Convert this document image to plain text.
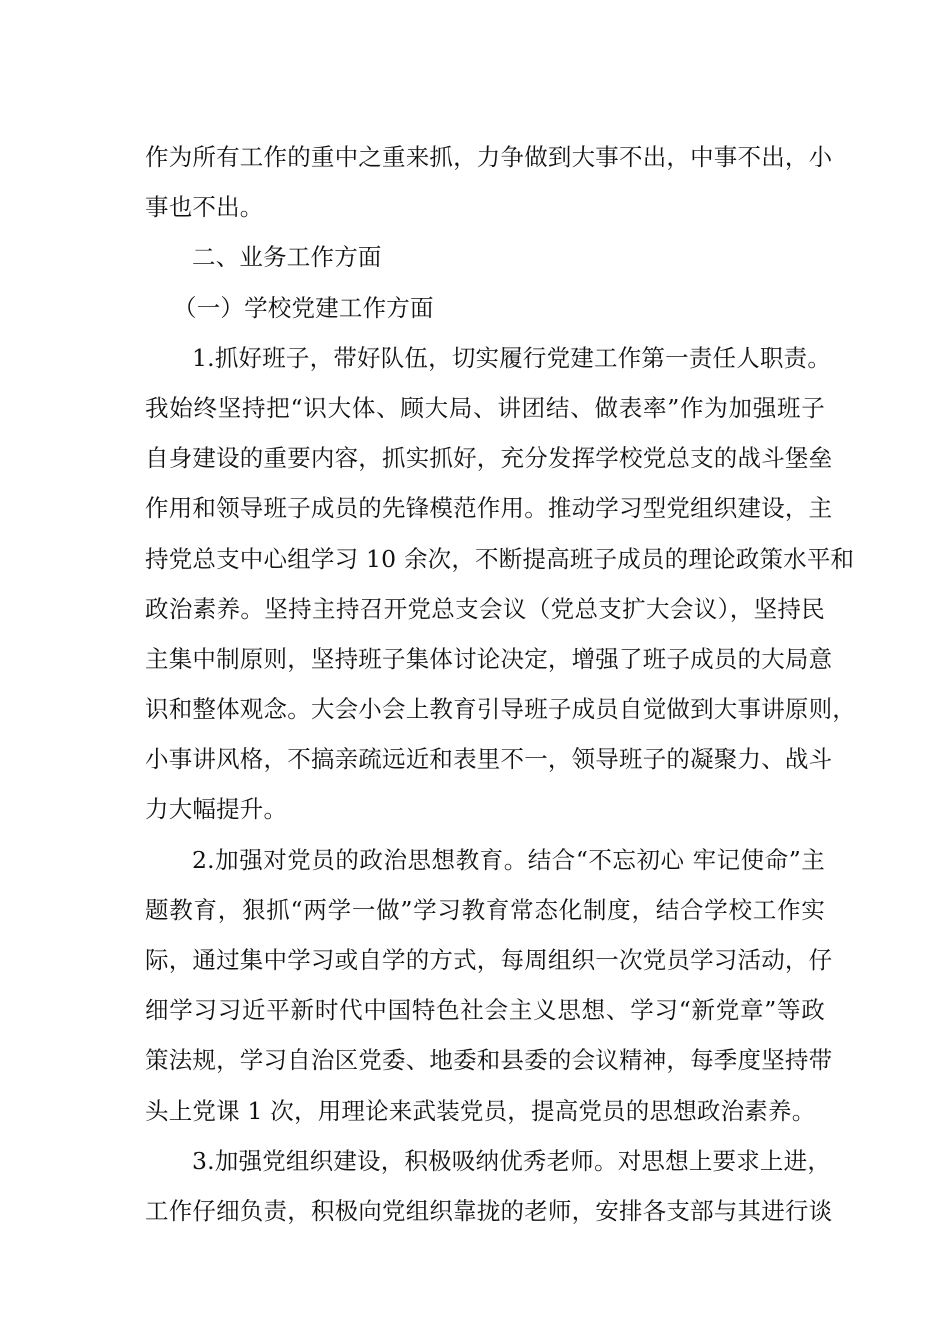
作为所有工作的重中之重来抓，力争做到大事不出，中事不出，小
事也不出。
二、业务工作方面
（一）学校党建工作方面
1.抓好班子，带好队伍，切实履行党建工作第一责任人职责。
我始终坚持把“识大体、顾大局、讲团结、做表率”作为加强班子
自身建设的重要内容，抓实抓好，充分发挥学校党总支的战斗堡垒
作用和领导班子成员的先锋模范作用。推动学习型党组织建设，主
持党总支中心组学习 10 余次，不断提高班子成员的理论政策水平和
政治素养。坚持主持召开党总支会议（党总支扩大会议），坚持民
主集中制原则，坚持班子集体讨论决定，增强了班子成员的大局意
识和整体观念。大会小会上教育引导班子成员自觉做到大事讲原则，
小事讲风格，不搞亲疏远近和表里不一，领导班子的凝聚力、战斗
力大幅提升。
2.加强对党员的政治思想教育。结合“不忘初心 牢记使命”主
题教育，狠抓“两学一做”学习教育常态化制度，结合学校工作实
际，通过集中学习或自学的方式，每周组织一次党员学习活动，仔
细学习习近平新时代中国特色社会主义思想、学习“新党章”等政
策法规，学习自治区党委、地委和县委的会议精神，每季度坚持带
头上党课 1 次，用理论来武装党员，提高党员的思想政治素养。
3.加强党组织建设，积极吸纳优秀老师。对思想上要求上进，
工作仔细负责，积极向党组织靠拢的老师，安排各支部与其进行谈
